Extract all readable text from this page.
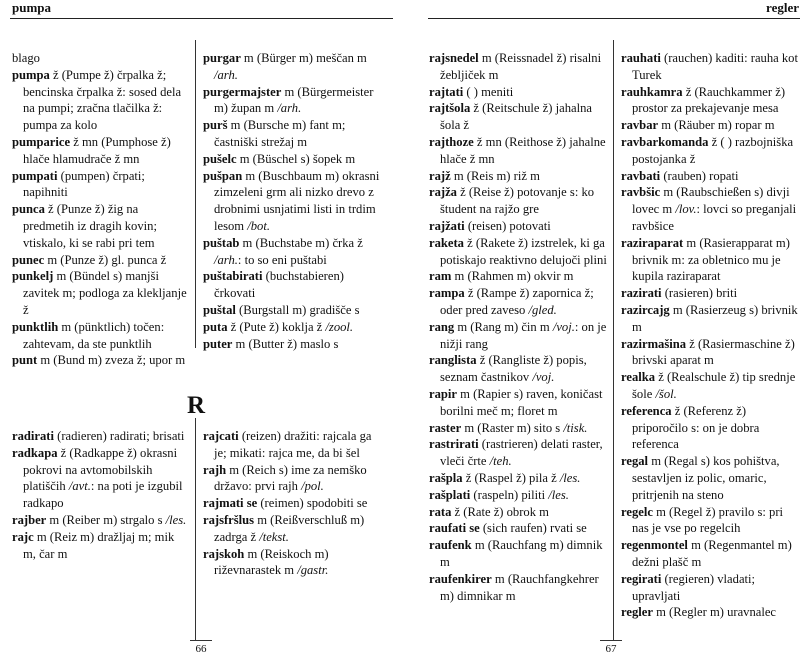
pumpa
blago
pumpa ž (Pumpe ž) črpalka ž; bencinska črpalka ž: sosed dela na pumpi; zračna tlačilka ž: pumpa za kolo
pumparice ž mn (Pumphose ž) hlače hlamudrače ž mn
pumpati (pumpen) črpati; napihniti
punca ž (Punze ž) žig na predmetih iz dragih kovin; vtiskalo, ki se rabi pri tem
punec m (Punze ž) gl. punca ž
punkelj m (Bündel s) manjši zavitek m; podloga za klekljanje ž
punktlih m (pünktlich) točen: zahtevam, da ste punktlih
punt m (Bund m) zveza ž; upor m
purgar m (Bürger m) meščan m /arh.
purgermajster m (Bürgermeister m) župan m /arh.
purš m (Bursche m) fant m; častniški strežaj m
pušelc m (Büschel s) šopek m
pušpan m (Buschbaum m) okrasni zimzeleni grm ali nizko drevo z drobnimi usnjatimi listi in trdim lesom /bot.
puštab m (Buchstabe m) črka ž /arh.: to so eni puštabi
puštabirati (buchstabieren) črkovati
puštal (Burgstall m) gradišče s
puta ž (Pute ž) koklja ž /zool.
puter m (Butter ž) maslo s
R
radirati (radieren) radirati; brisati
radkapa ž (Radkappe ž) okrasni pokrovi na avtomobilskih platiščih /avt.: na poti je izgubil radkapo
rajber m (Reiber m) strgalo s /les.
rajc m (Reiz m) dražljaj m; mik m, čar m
rajcati (reizen) dražiti: rajcala ga je; mikati: rajca me, da bi šel
rajh m (Reich s) ime za nemško državo: prvi rajh /pol.
rajmati se (reimen) spodobiti se
rajsfršlus m (Reißverschluß m) zadrga ž /tekst.
rajskoh m (Reiskoch m) riževnarastek m /gastr.
66
regler
rajsnedel m (Reissnadel ž) risalni žebljiček m
rajtati ( ) meniti
rajtšola ž (Reitschule ž) jahalna šola ž
rajthoze ž mn (Reithose ž) jahalne hlače ž mn
rajž m (Reis m) riž m
rajža ž (Reise ž) potovanje s: ko študent na rajžo gre
rajžati (reisen) potovati
raketa ž (Rakete ž) izstrelek, ki ga potiskajo reaktivno delujoči plini
ram m (Rahmen m) okvir m
rampa ž (Rampe ž) zapornica ž; oder pred zaveso /gled.
rang m (Rang m) čin m /voj.: on je nižji rang
ranglista ž (Rangliste ž) popis, seznam častnikov /voj.
rapir m (Rapier s) raven, koničast borilni meč m; floret m
raster m (Raster m) sito s /tisk.
rastrirati (rastrieren) delati raster, vleči črte /teh.
rašpla ž (Raspel ž) pila ž /les.
rašplati (raspeln) piliti /les.
rata ž (Rate ž) obrok m
raufati se (sich raufen) rvati se
raufenk m (Rauchfang m) dimnik m
raufenkirer m (Rauchfangkehrer m) dimnikar m
rauhati (rauchen) kaditi: rauha kot Turek
rauhkamra ž (Rauchkammer ž) prostor za prekajevanje mesa
ravbar m (Räuber m) ropar m
ravbarkomanda ž ( ) razbojniška postojanka ž
ravbati (rauben) ropati
ravbšic m (Raubschießen s) divji lovec m /lov.: lovci so preganjali ravbšice
raziraparat m (Rasierapparat m) brivnik m: za obletnico mu je kupila raziraparat
razirati (rasieren) briti
razircajg m (Rasierzeug s) brivnik m
razirmašina ž (Rasiermaschine ž) brivski aparat m
realka ž (Realschule ž) tip srednje šole /šol.
referenca ž (Referenz ž) priporočilo s: on je dobra referenca
regal m (Regal s) kos pohištva, sestavljen iz polic, omaric, pritrjenih na steno
regelc m (Regel ž) pravilo s: pri nas je vse po regelcih
regenmontel m (Regenmantel m) dežni plašč m
regirati (regieren) vladati; upravljati
regler m (Regler m) uravnalec
67
